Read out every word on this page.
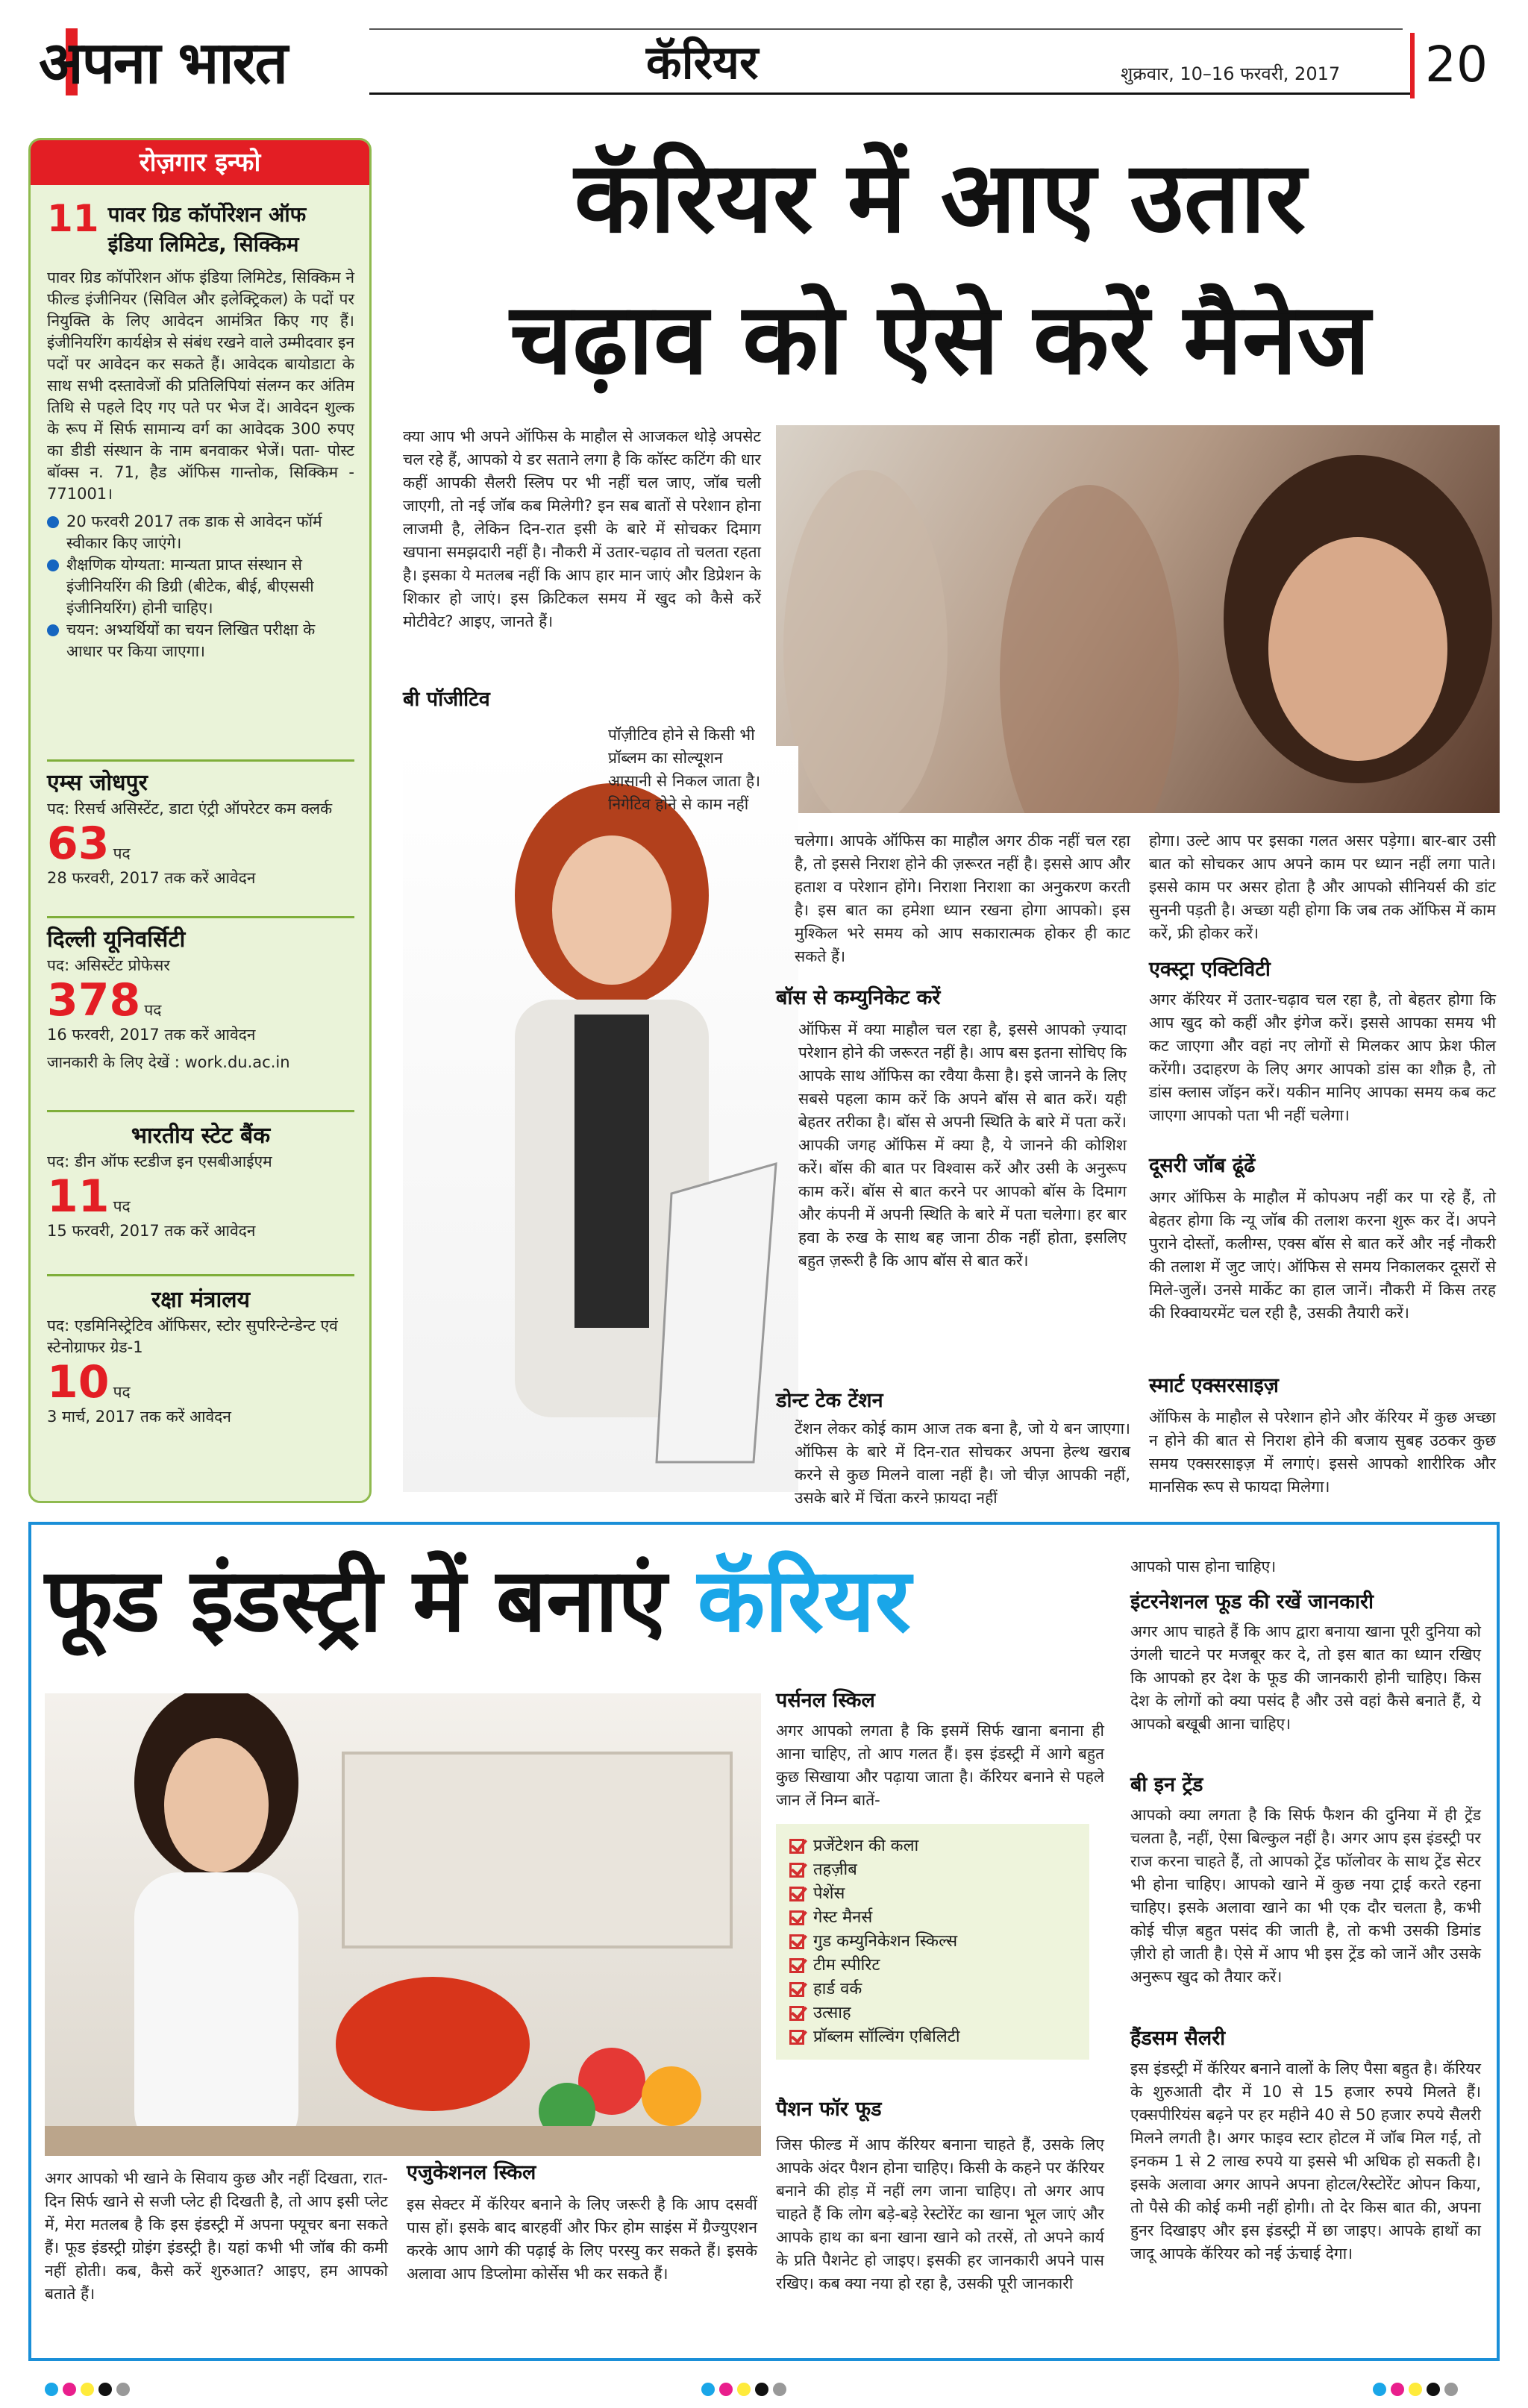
अपना भारत	कॅरियर	शुक्रवार, 10–16 फरवरी, 2017 20
रोज़गार इन्फो
11 पावर ग्रिड कॉर्पोरेशन ऑफ इंडिया लिमिटेड, सिक्किम

पावर ग्रिड कॉर्पोरेशन ऑफ इंडिया लिमिटेड, सिक्किम ने फील्ड इंजीनियर (सिविल और इलेक्ट्रिकल) के पदों पर नियुक्ति के लिए आवेदन आमंत्रित किए गए हैं। इंजीनियरिंग कार्यक्षेत्र से संबंध रखने वाले उम्मीदवार इन पदों पर आवेदन कर सकते हैं। आवेदक बायोडाटा के साथ सभी दस्तावेजों की प्रतिलिपियां संलग्न कर अंतिम तिथि से पहले दिए गए पते पर भेज दें। आवेदन शुल्क के रूप में सिर्फ सामान्य वर्ग का आवेदक 300 रुपए का डीडी संस्थान के नाम बनवाकर भेजें। पता- पोस्ट बॉक्स न. 71, हैड ऑफिस गान्तोक, सिक्किम - 771001।

20 फरवरी 2017 तक डाक से आवेदन फॉर्म स्वीकार किए जाएंगे।
शैक्षणिक योग्यता: मान्यता प्राप्त संस्थान से इंजीनियरिंग की डिग्री (बीटेक, बीई, बीएससी इंजीनियरिंग) होनी चाहिए।
चयन: अभ्यर्थियों का चयन लिखित परीक्षा के आधार पर किया जाएगा।
एम्स जोधपुर
पद: रिसर्च असिस्टेंट, डाटा एंट्री ऑपरेटर कम क्लर्क
63 पद
28 फरवरी, 2017 तक करें आवेदन
दिल्ली यूनिवर्सिटी
पद: असिस्टेंट प्रोफेसर
378 पद
16 फरवरी, 2017 तक करें आवेदन
जानकारी के लिए देखें : work.du.ac.in
भारतीय स्टेट बैंक
पद: डीन ऑफ स्टडीज इन एसबीआईएम
11 पद
15 फरवरी, 2017 तक करें आवेदन
रक्षा मंत्रालय
पद: एडमिनिस्ट्रेटिव ऑफिसर, स्टोर सुपरिन्टेन्डेन्ट एवं स्टेनोग्राफर ग्रेड-1
10 पद
3 मार्च, 2017 तक करें आवेदन
कॅरियर में आए उतार
चढ़ाव को ऐसे करें मैनेज
क्या आप भी अपने ऑफिस के माहौल से आजकल थोड़े अपसेट चल रहे हैं, आपको ये डर सताने लगा है कि कॉस्ट कटिंग की धार कहीं आपकी सैलरी स्लिप पर भी नहीं चल जाए, जॉब चली जाएगी, तो नई जॉब कब मिलेगी? इन सब बातों से परेशान होना लाजमी है, लेकिन दिन-रात इसी के बारे में सोचकर दिमाग खपाना समझदारी नहीं है। नौकरी में उतार-चढ़ाव तो चलता रहता है। इसका ये मतलब नहीं कि आप हार मान जाएं और डिप्रेशन के शिकार हो जाएं। इस क्रिटिकल समय में खुद को कैसे करें मोटीवेट? आइए, जानते हैं।
बी पॉजीटिव
पॉज़ीटिव होने से किसी भी प्रॉब्लम का सोल्यूशन आसानी से निकल जाता है। निगेटिव होने से काम नहीं
चलेगा। आपके ऑफिस का माहौल अगर ठीक नहीं चल रहा है, तो इससे निराश होने की ज़रूरत नहीं है। इससे आप और हताश व परेशान होंगे। निराशा निराशा का अनुकरण करती है। इस बात का हमेशा ध्यान रखना होगा आपको। इस मुश्किल भरे समय को आप सकारात्मक होकर ही काट सकते हैं।
बॉस से कम्युनिकेट करें
ऑफिस में क्या माहौल चल रहा है, इससे आपको ज़्यादा परेशान होने की जरूरत नहीं है। आप बस इतना सोचिए कि आपके साथ ऑफिस का रवैया कैसा है। इसे जानने के लिए सबसे पहला काम करें कि अपने बॉस से बात करें। यही बेहतर तरीका है। बॉस से अपनी स्थिति के बारे में पता करें। आपकी जगह ऑफिस में क्या है, ये जानने की कोशिश करें। बॉस की बात पर विश्वास करें और उसी के अनुरूप काम करें। बॉस से बात करने पर आपको बॉस के दिमाग और कंपनी में अपनी स्थिति के बारे में पता चलेगा। हर बार हवा के रुख के साथ बह जाना ठीक नहीं होता, इसलिए बहुत ज़रूरी है कि आप बॉस से बात करें।
डोन्ट टेक टेंशन
टेंशन लेकर कोई काम आज तक बना है, जो ये बन जाएगा। ऑफिस के बारे में दिन-रात सोचकर अपना हेल्थ खराब करने से कुछ मिलने वाला नहीं है। जो चीज़ आपकी नहीं, उसके बारे में चिंता करने फ़ायदा नहीं
होगा। उल्टे आप पर इसका गलत असर पड़ेगा। बार-बार उसी बात को सोचकर आप अपने काम पर ध्यान नहीं लगा पाते। इससे काम पर असर होता है और आपको सीनियर्स की डांट सुननी पड़ती है। अच्छा यही होगा कि जब तक ऑफिस में काम करें, फ्री होकर करें।
एक्स्ट्रा एक्टिविटी
अगर कॅरियर में उतार-चढ़ाव चल रहा है, तो बेहतर होगा कि आप खुद को कहीं और इंगेज करें। इससे आपका समय भी कट जाएगा और वहां नए लोगों से मिलकर आप फ्रेश फील करेंगी। उदाहरण के लिए अगर आपको डांस का शौक़ है, तो डांस क्लास जॉइन करें। यकीन मानिए आपका समय कब कट जाएगा आपको पता भी नहीं चलेगा।
दूसरी जॉब ढूंढें
अगर ऑफिस के माहौल में कोपअप नहीं कर पा रहे हैं, तो बेहतर होगा कि न्यू जॉब की तलाश करना शुरू कर दें। अपने पुराने दोस्तों, कलीग्स, एक्स बॉस से बात करें और नई नौकरी की तलाश में जुट जाएं। ऑफिस से समय निकालकर दूसरों से मिले-जुलें। उनसे मार्केट का हाल जानें। नौकरी में किस तरह की रिक्वायरमेंट चल रही है, उसकी तैयारी करें।
स्मार्ट एक्सरसाइज़
ऑफिस के माहौल से परेशान होने और कॅरियर में कुछ अच्छा न होने की बात से निराश होने की बजाय सुबह उठकर कुछ समय एक्सरसाइज़ में लगाएं। इससे आपको शारीरिक और मानसिक रूप से फायदा मिलेगा।
फूड इंडस्ट्री में बनाएं कॅरियर
अगर आपको भी खाने के सिवाय कुछ और नहीं दिखता, रात-दिन सिर्फ खाने से सजी प्लेट ही दिखती है, तो आप इसी प्लेट में, मेरा मतलब है कि इस इंडस्ट्री में अपना फ्यूचर बना सकते हैं। फूड इंडस्ट्री ग्रोइंग इंडस्ट्री है। यहां कभी भी जॉब की कमी नहीं होती। कब, कैसे करें शुरुआत? आइए, हम आपको बताते हैं।
एजुकेशनल स्किल
इस सेक्टर में कॅरियर बनाने के लिए जरूरी है कि आप दसवीं पास हों। इसके बाद बारहवीं और फिर होम साइंस में ग्रैज्युएशन करके आप आगे की पढ़ाई के लिए परस्यु कर सकते हैं। इसके अलावा आप डिप्लोमा कोर्सेस भी कर सकते हैं।
पर्सनल स्किल
अगर आपको लगता है कि इसमें सिर्फ खाना बनाना ही आना चाहिए, तो आप गलत हैं। इस इंडस्ट्री में आगे बहुत कुछ सिखाया और पढ़ाया जाता है। कॅरियर बनाने से पहले जान लें निम्न बातें-
प्रजेंटेशन की कला
तहज़ीब
पेशेंस
गेस्ट मैनर्स
गुड कम्युनिकेशन स्किल्स
टीम स्पीरिट
हार्ड वर्क
उत्साह
प्रॉब्लम सॉल्विंग एबिलिटी
पैशन फॉर फूड
जिस फील्ड में आप कॅरियर बनाना चाहते हैं, उसके लिए आपके अंदर पैशन होना चाहिए। किसी के कहने पर कॅरियर बनाने की होड़ में नहीं लग जाना चाहिए। तो अगर आप चाहते हैं कि लोग बड़े-बड़े रेस्टोरेंट का खाना भूल जाएं और आपके हाथ का बना खाना खाने को तरसें, तो अपने कार्य के प्रति पैशनेट हो जाइए। इसकी हर जानकारी अपने पास रखिए। कब क्या नया हो रहा है, उसकी पूरी जानकारी
आपको पास होना चाहिए।
इंटरनेशनल फूड की रखें जानकारी
अगर आप चाहते हैं कि आप द्वारा बनाया खाना पूरी दुनिया को उंगली चाटने पर मजबूर कर दे, तो इस बात का ध्यान रखिए कि आपको हर देश के फूड की जानकारी होनी चाहिए। किस देश के लोगों को क्या पसंद है और उसे वहां कैसे बनाते हैं, ये आपको बखूबी आना चाहिए।
बी इन ट्रेंड
आपको क्या लगता है कि सिर्फ फैशन की दुनिया में ही ट्रेंड चलता है, नहीं, ऐसा बिल्कुल नहीं है। अगर आप इस इंडस्ट्री पर राज करना चाहते हैं, तो आपको ट्रेंड फॉलोवर के साथ ट्रेंड सेटर भी होना चाहिए। आपको खाने में कुछ नया ट्राई करते रहना चाहिए। इसके अलावा खाने का भी एक दौर चलता है, कभी कोई चीज़ बहुत पसंद की जाती है, तो कभी उसकी डिमांड ज़ीरो हो जाती है। ऐसे में आप भी इस ट्रेंड को जानें और उसके अनुरूप खुद को तैयार करें।
हैंडसम सैलरी
इस इंडस्ट्री में कॅरियर बनाने वालों के लिए पैसा बहुत है। कॅरियर के शुरुआती दौर में 10 से 15 हजार रुपये मिलते हैं। एक्सपीरियंस बढ़ने पर हर महीने 40 से 50 हजार रुपये सैलरी मिलने लगती है। अगर फाइव स्टार होटल में जॉब मिल गई, तो इनकम 1 से 2 लाख रुपये या इससे भी अधिक हो सकती है। इसके अलावा अगर आपने अपना होटल/रेस्टोरेंट ओपन किया, तो पैसे की कोई कमी नहीं होगी। तो देर किस बात की, अपना हुनर दिखाइए और इस इंडस्ट्री में छा जाइए। आपके हाथों का जादू आपके कॅरियर को नई ऊंचाई देगा।
